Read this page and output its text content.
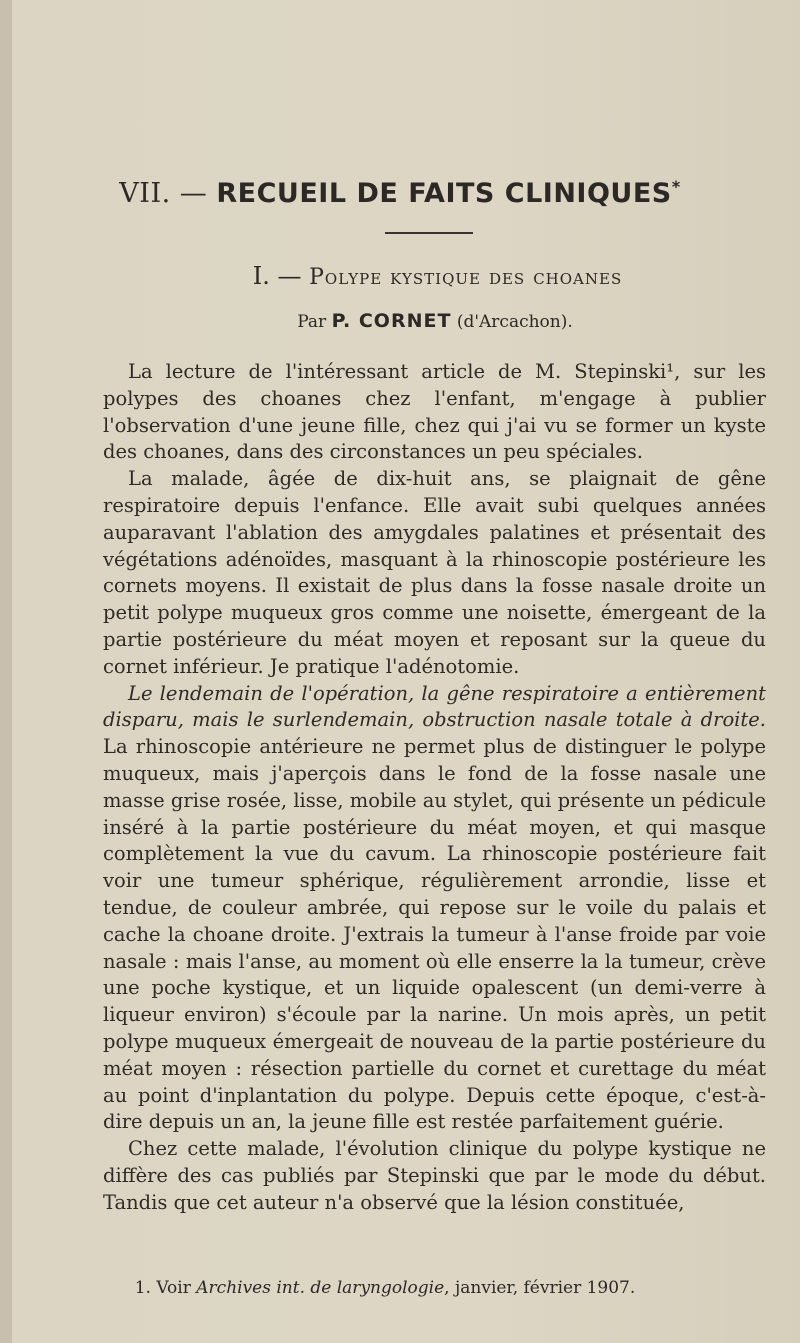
VII. — RECUEIL DE FAITS CLINIQUES*
I. — Polype kystique des choanes
Par P. CORNET (d'Arcachon).

La lecture de l'intéressant article de M. Stepinski¹, sur les polypes des choanes chez l'enfant, m'engage à publier l'observation d'une jeune fille, chez qui j'ai vu se former un kyste des choanes, dans des circonstances un peu spéciales.

La malade, âgée de dix-huit ans, se plaignait de gêne respiratoire depuis l'enfance. Elle avait subi quelques années auparavant l'ablation des amygdales palatines et présentait des végétations adénoïdes, masquant à la rhinoscopie postérieure les cornets moyens. Il existait de plus dans la fosse nasale droite un petit polype muqueux gros comme une noisette, émergeant de la partie postérieure du méat moyen et reposant sur la queue du cornet inférieur. Je pratique l'adénotomie.

Le lendemain de l'opération, la gêne respiratoire a entièrement disparu, mais le surlendemain, obstruction nasale totale à droite. La rhinoscopie antérieure ne permet plus de distinguer le polype muqueux, mais j'aperçois dans le fond de la fosse nasale une masse grise rosée, lisse, mobile au stylet, qui présente un pédicule inséré à la partie postérieure du méat moyen, et qui masque complètement la vue du cavum. La rhinoscopie postérieure fait voir une tumeur sphérique, régulièrement arrondie, lisse et tendue, de couleur ambrée, qui repose sur le voile du palais et cache la choane droite. J'extrais la tumeur à l'anse froide par voie nasale : mais l'anse, au moment où elle enserre la la tumeur, crève une poche kystique, et un liquide opalescent (un demi-verre à liqueur environ) s'écoule par la narine. Un mois après, un petit polype muqueux émergeait de nouveau de la partie postérieure du méat moyen : résection partielle du cornet et curettage du méat au point d'inplantation du polype. Depuis cette époque, c'est-à-dire depuis un an, la jeune fille est restée parfaitement guérie.

Chez cette malade, l'évolution clinique du polype kystique ne diffère des cas publiés par Stepinski que par le mode du début. Tandis que cet auteur n'a observé que la lésion constituée,

1. Voir Archives int. de laryngologie, janvier, février 1907.
